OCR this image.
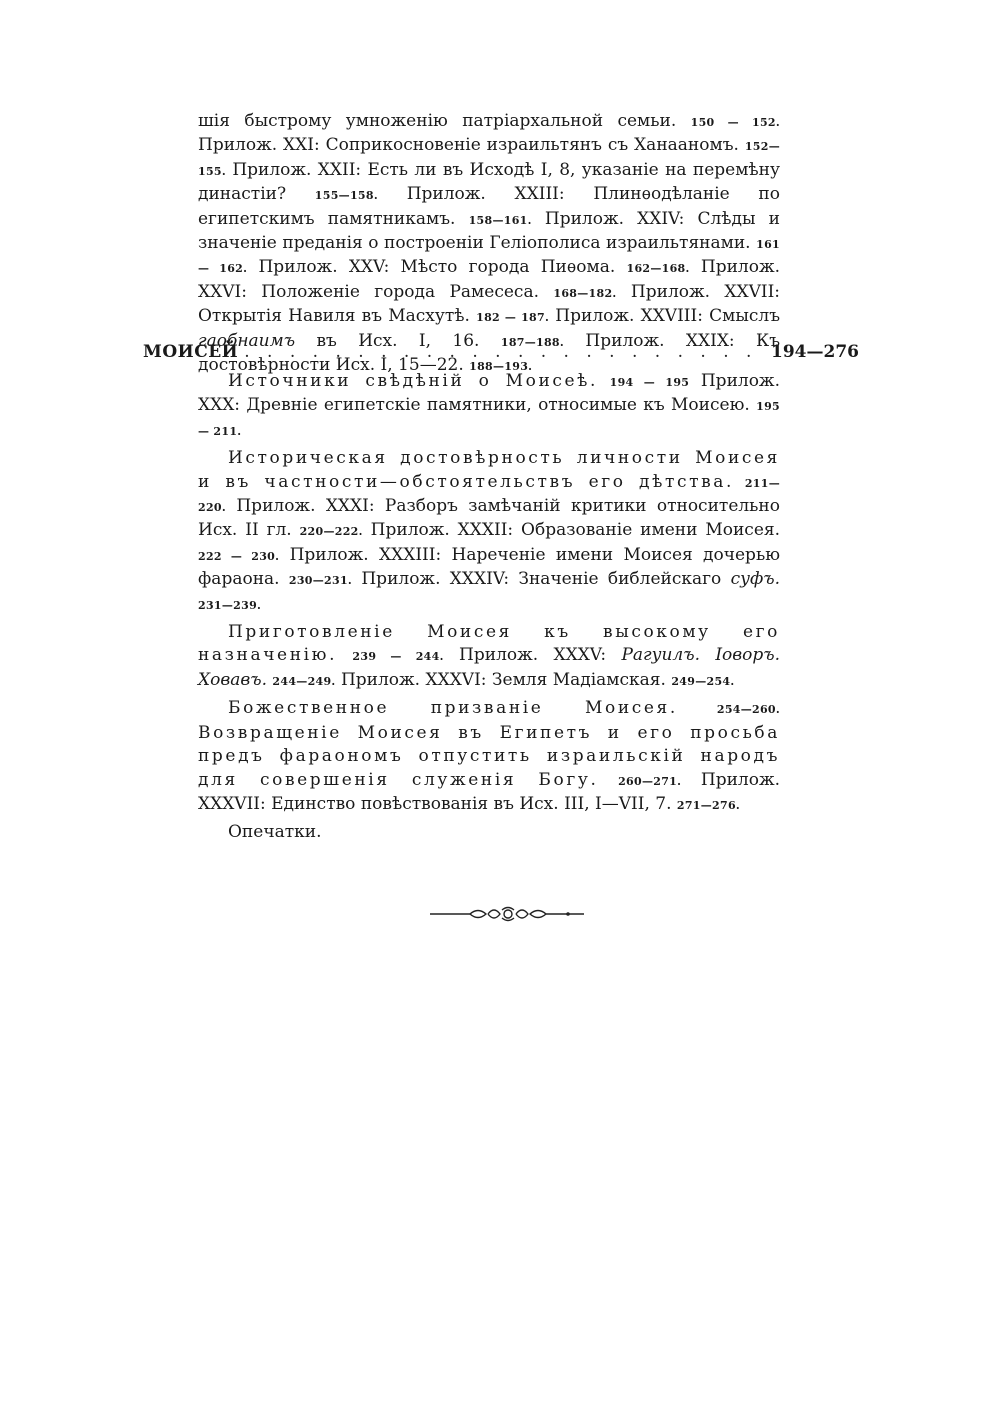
шія быстрому умноженію патріархальной семьи. 150 — 152. Прилож. XXI: Соприкосновеніе израильтянъ съ Ханааномъ. 152—155. Прилож. XXII: Есть ли въ Исходѣ I, 8, указаніе на перемѣну династіи?	155—158. Прилож. XXIII: Плинѳодѣланіе по египетскимъ памятникамъ. 158—161. Прилож. XXIV: Слѣды и значеніе преданія о построеніи Геліополиса израильтянами. 161 — 162. Прилож. XXV: Мѣсто города Пиѳома. 162—168. Прилож. XXVI: Положеніе города Рамесеса. 168—182. Прилож. XXVII: Открытія Навиля въ Масхутѣ. 182 — 187. Прилож. XXVIII: Смыслъ гаобнаимъ въ Исх. I, 16. 187—188. Прилож. XXIX: Къ достовѣрности Исх. I, 15—22. 188—193.

МОИСЕЙ
. . .	194—276

Источники свѣдѣній о Моисеѣ. 194 — 195 Прилож. XXX: Древніе египетскіе памятники, относимые къ Моисею. 195 — 211.

Историческая достовѣрность личности Моисея и въ частности—обстоятельствъ его дѣтства. 211—220. Прилож. XXXI: Разборъ замѣчаній критики относительно Исх. II гл. 220—222. Прилож. XXXII: Образованіе имени Моисея. 222 — 230. Прилож. XXXIII: Нареченіе имени Моисея дочерью фараона. 230—231. Прилож. XXXIV: Значеніе библейскаго суфъ. 231—239.

Приготовленіе Моисея къ высокому его назначенію. 239 — 244. Прилож. XXXV: Рагуилъ. Іоворъ. Ховавъ. 244—249. Прилож. XXXVI: Земля Мадіамская. 249—254.

Божественное призваніе Моисея.	254—260. Возвращеніе Моисея въ Египетъ и его просьба предъ фараономъ отпустить израильскій народъ для совершенія служенія Богу. 260—271. Прилож. XXXVII: Единство повѣствованія въ Исх. III, I—VII, 7. 271—276.

Опечатки.
